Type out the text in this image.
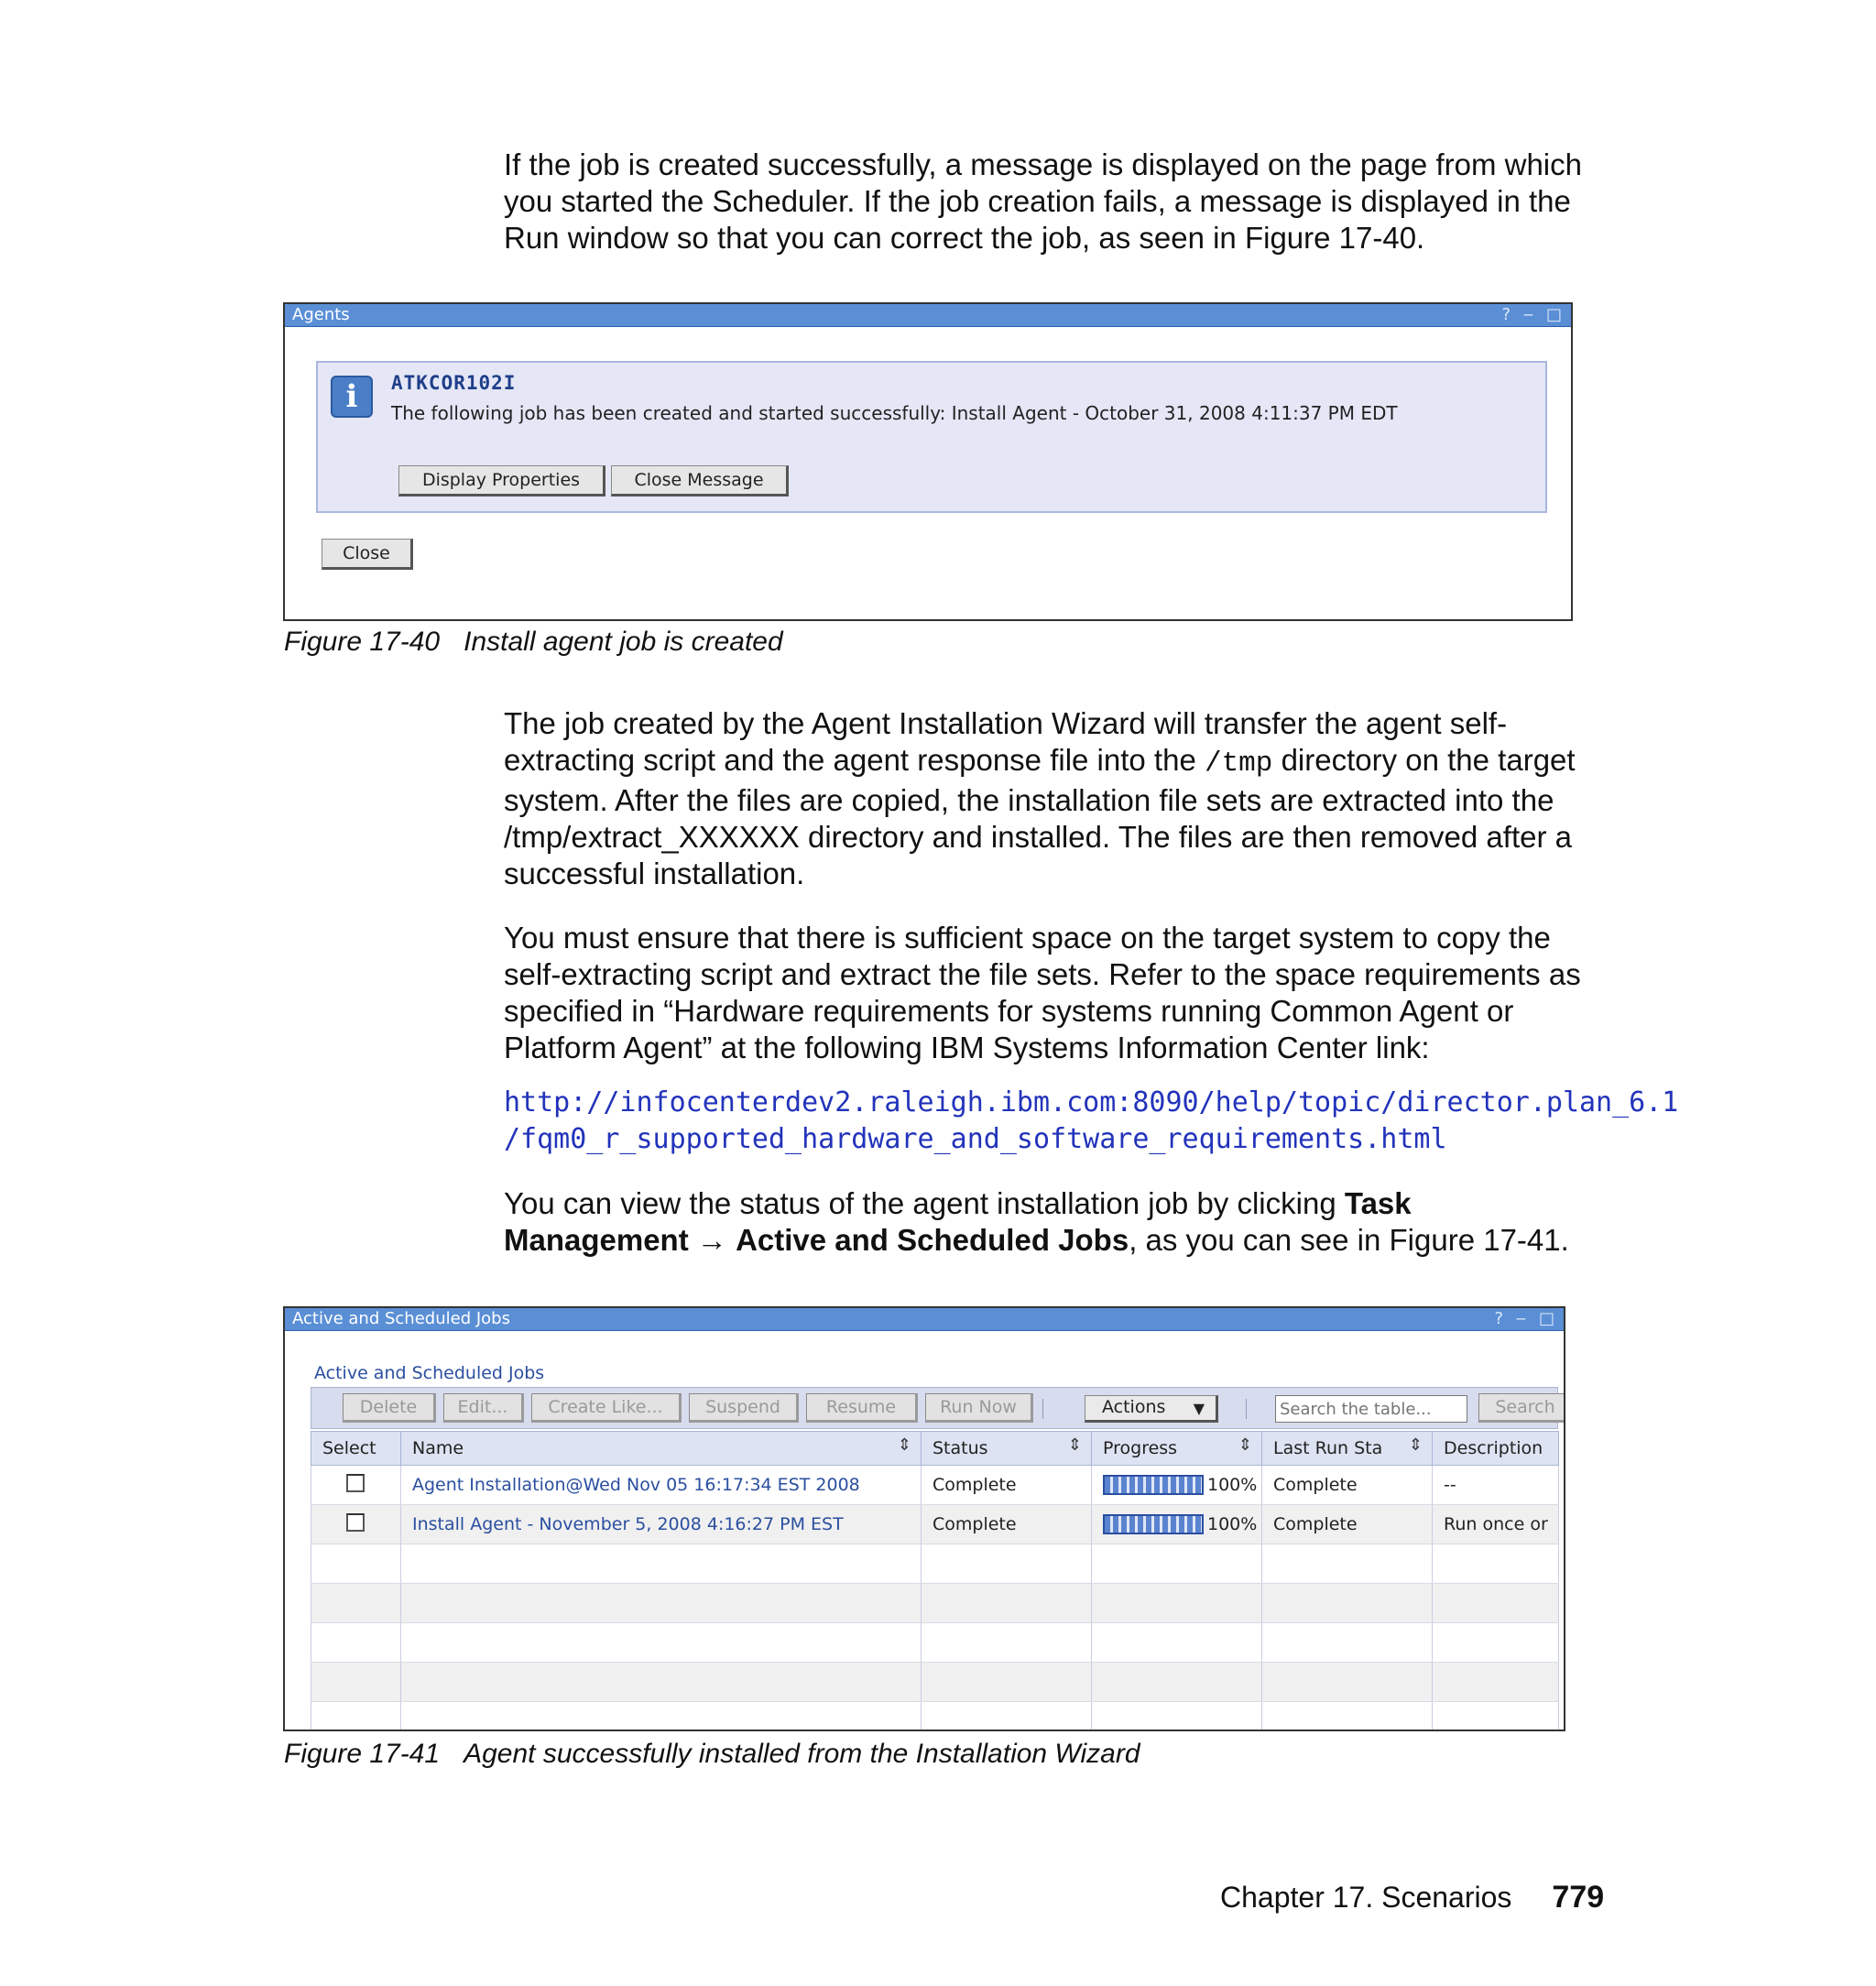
If the job is created successfully, a message is displayed on the page from which you started the Scheduler. If the job creation fails, a message is displayed in the Run window so that you can correct the job, as seen in Figure 17-40.

Agents	? ‒ □
i	ATKCOR102I
The following job has been created and started successfully: Install Agent - October 31, 2008 4:11:37 PM EDT
Display Properties	Close Message
Close

Figure 17-40 Install agent job is created

The job created by the Agent Installation Wizard will transfer the agent self-extracting script and the agent response file into the /tmp directory on the target system. After the files are copied, the installation file sets are extracted into the /tmp/extract_XXXXXX directory and installed. The files are then removed after a successful installation.

You must ensure that there is sufficient space on the target system to copy the self-extracting script and extract the file sets. Refer to the space requirements as specified in “Hardware requirements for systems running Common Agent or Platform Agent” at the following IBM Systems Information Center link:

http://infocenterdev2.raleigh.ibm.com:8090/help/topic/director.plan_6.1
/fqm0_r_supported_hardware_and_software_requirements.html

You can view the status of the agent installation job by clicking Task Management → Active and Scheduled Jobs, as you can see in Figure 17-41.

Active and Scheduled Jobs	? ‒ □
Active and Scheduled Jobs
Delete	Edit...	Create Like...	Suspend	Resume	Run Now	Actions ▼
Search the table...	Search
Select	Name ⇕	Status ⇕	Progress ⇕	Last Run Sta ⇕	Description
	Agent Installation@Wed Nov 05 16:17:34 EST 2008	Complete	100%	Complete	--
	Install Agent - November 5, 2008 4:16:27 PM EST	Complete	100%	Complete	Run once or

Figure 17-41 Agent successfully installed from the Installation Wizard

Chapter 17. Scenarios 779
